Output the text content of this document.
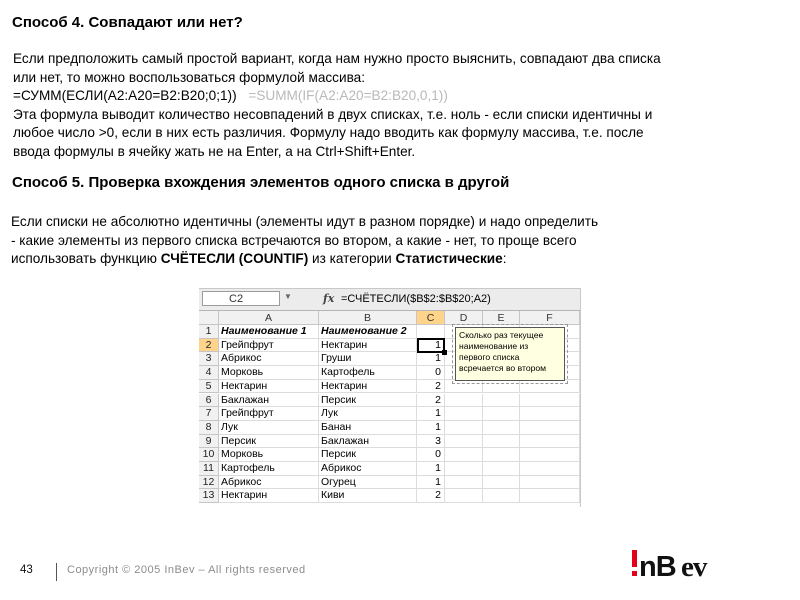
Способ 4. Совпадают или нет?
Если предположить самый простой вариант, когда нам нужно просто выяснить, совпадают два списка
или нет, то можно воспользоваться формулой массива:
=СУММ(ЕСЛИ(A2:A20=B2:B20;0;1)) =SUMM(IF(A2:A20=B2:B20,0,1))
Эта формула выводит количество несовпадений в двух списках, т.е. ноль - если списки идентичны и
любое число >0, если в них есть различия. Формулу надо вводить как формулу массива, т.е. после
ввода формулы в ячейку жать не на Enter, а на Ctrl+Shift+Enter.
Способ 5. Проверка вхождения элементов одного списка в другой
Если списки не абсолютно идентичны (элементы идут в разном порядке) и надо определить
- какие элементы из первого списка встречаются во втором, а какие - нет, то проще всего
использовать функцию СЧЁТЕСЛИ (COUNTIF) из категории Статистические:
C2	▼	fx =СЧЁТЕСЛИ($B$2:$B$20;A2)
A	B	C	D	E	F
1 Наименование 1	Наименование 2
2 Грейпфрут	Нектарин	1
3 Абрикос	Груши	1
4 Морковь	Картофель	0
5 Нектарин	Нектарин	2
6 Баклажан	Персик	2
7 Грейпфрут	Лук	1
8 Лук	Банан	1
9 Персик	Баклажан	3
10 Морковь	Персик	0
11 Картофель	Абрикос	1
12 Абрикос	Огурец	1
13 Нектарин	Киви	2
Сколько раз текущее наименование из первого списка всречается во втором
43	Copyright © 2005 InBev – All rights reserved	nB ev
